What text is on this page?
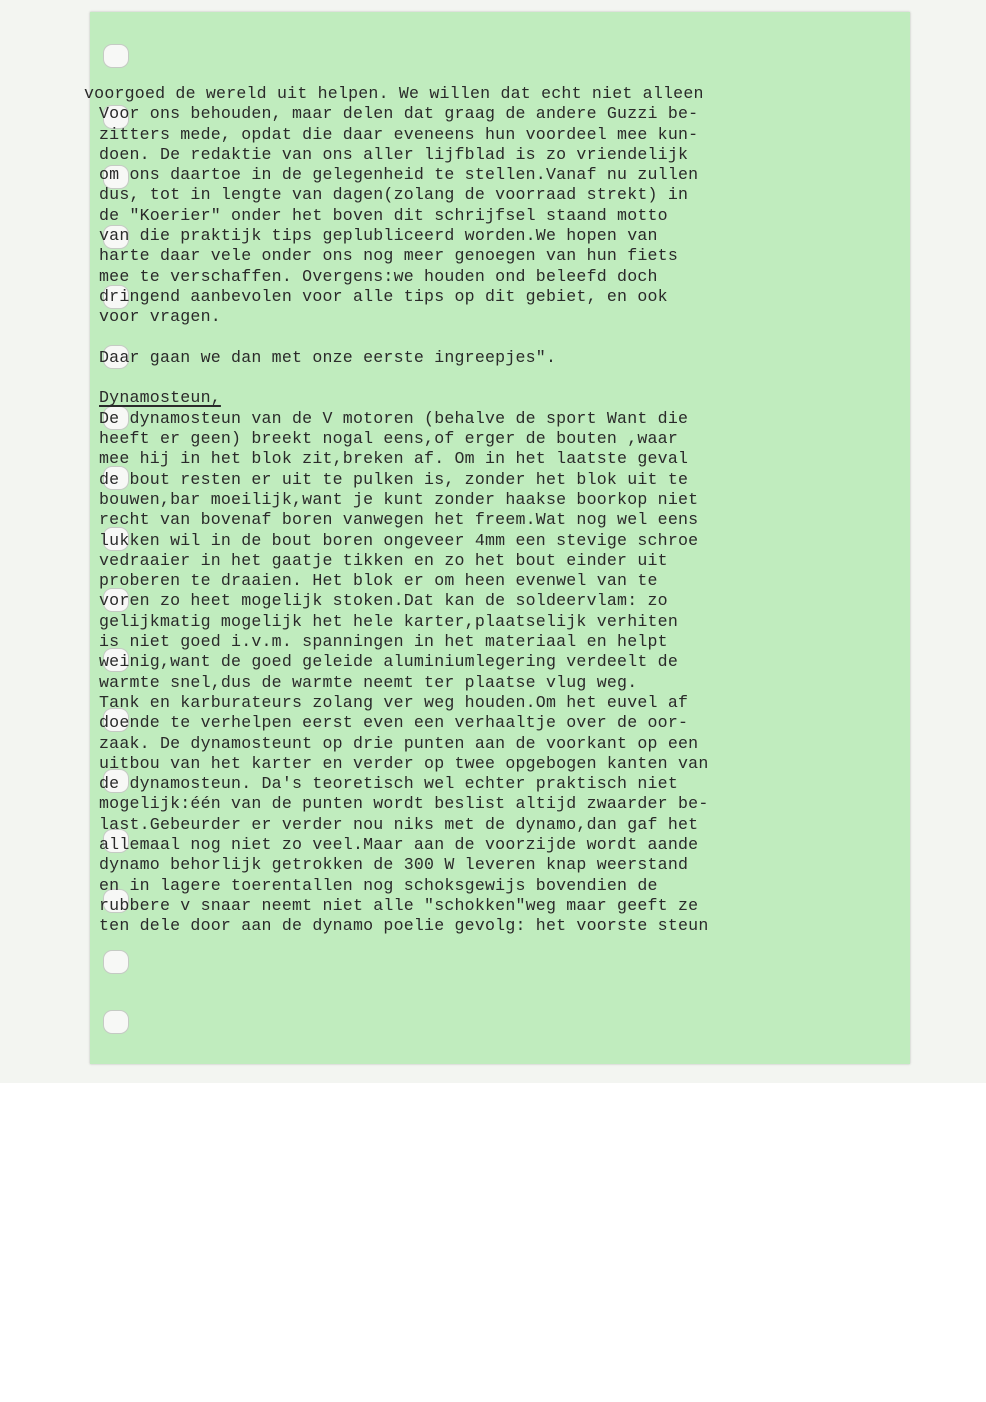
voorgoed de wereld uit helpen. We willen dat echt niet alleen
Voor ons behouden, maar delen dat graag de andere Guzzi be-
zitters mede, opdat die daar eveneens hun voordeel mee kun-
doen. De redaktie van ons aller lijfblad is zo vriendelijk
om ons daartoe in de gelegenheid te stellen.Vanaf nu zullen
dus, tot in lengte van dagen(zolang de voorraad strekt) in
de "Koerier" onder het boven dit schrijfsel staand motto
van die praktijk tips geplubliceerd worden.We hopen van
harte daar vele onder ons nog meer genoegen van hun fiets
mee te verschaffen. Overgens:we houden ond beleefd doch
dringend aanbevolen voor alle tips op dit gebiet, en ook
voor vragen.
Daar gaan we dan met onze eerste ingreepjes".
Dynamosteun,
De dynamosteun van de V motoren (behalve de sport Want die
heeft er geen) breekt nogal eens,of erger de bouten ,waar
mee hij in het blok zit,breken af. Om in het laatste geval
de bout resten er uit te pulken is, zonder het blok uit te
bouwen,bar moeilijk,want je kunt zonder haakse boorkop niet
recht van bovenaf boren vanwegen het freem.Wat nog wel eens
lukken wil in de bout boren ongeveer 4mm een stevige schroe
vedraaier in het gaatje tikken en zo het bout einder uit
proberen te draaien. Het blok er om heen evenwel van te
voren zo heet mogelijk stoken.Dat kan de soldeervlam: zo
gelijkmatig mogelijk het hele karter,plaatselijk verhiten
is niet goed i.v.m. spanningen in het materiaal en helpt
weinig,want de goed geleide aluminiumlegering verdeelt de
warmte snel,dus de warmte neemt ter plaatse vlug weg.
Tank en karburateurs zolang ver weg houden.Om het euvel af
doende te verhelpen eerst even een verhaaltje over de oor-
zaak. De dynamosteunt op drie punten aan de voorkant op een
uitbou van het karter en verder op twee opgebogen kanten van
de dynamosteun. Da's teoretisch wel echter praktisch niet
mogelijk:één van de punten wordt beslist altijd zwaarder be-
last.Gebeurder er verder nou niks met de dynamo,dan gaf het
allemaal nog niet zo veel.Maar aan de voorzijde wordt aande
dynamo behorlijk getrokken de 300 W leveren knap weerstand
en in lagere toerentallen nog schoksgewijs bovendien de
rubbere v snaar neemt niet alle "schokken"weg maar geeft ze
ten dele door aan de dynamo poelie gevolg: het voorste steun
